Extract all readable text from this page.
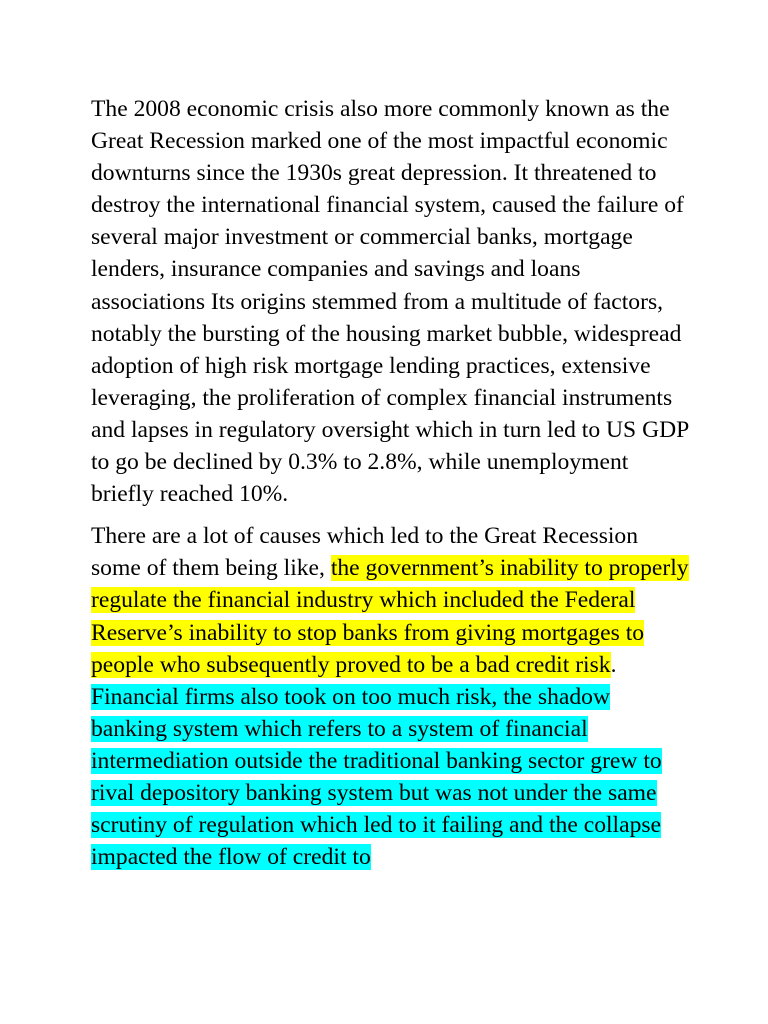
The 2008 economic crisis also more commonly known as the Great Recession marked one of the most impactful economic downturns since the 1930s great depression. It threatened to destroy the international financial system, caused the failure of several major investment or commercial banks, mortgage lenders, insurance companies and savings and loans associations Its origins stemmed from a multitude of factors, notably the bursting of the housing market bubble, widespread adoption of high risk mortgage lending practices, extensive leveraging, the proliferation of complex financial instruments and lapses in regulatory oversight which in turn led to US GDP to go be declined by 0.3% to 2.8%, while unemployment briefly reached 10%.

There are a lot of causes which led to the Great Recession some of them being like, the government’s inability to properly regulate the financial industry which included the Federal Reserve’s inability to stop banks from giving mortgages to people who subsequently proved to be a bad credit risk. Financial firms also took on too much risk, the shadow banking system which refers to a system of financial intermediation outside the traditional banking sector grew to rival depository banking system but was not under the same scrutiny of regulation which led to it failing and the collapse impacted the flow of credit to
